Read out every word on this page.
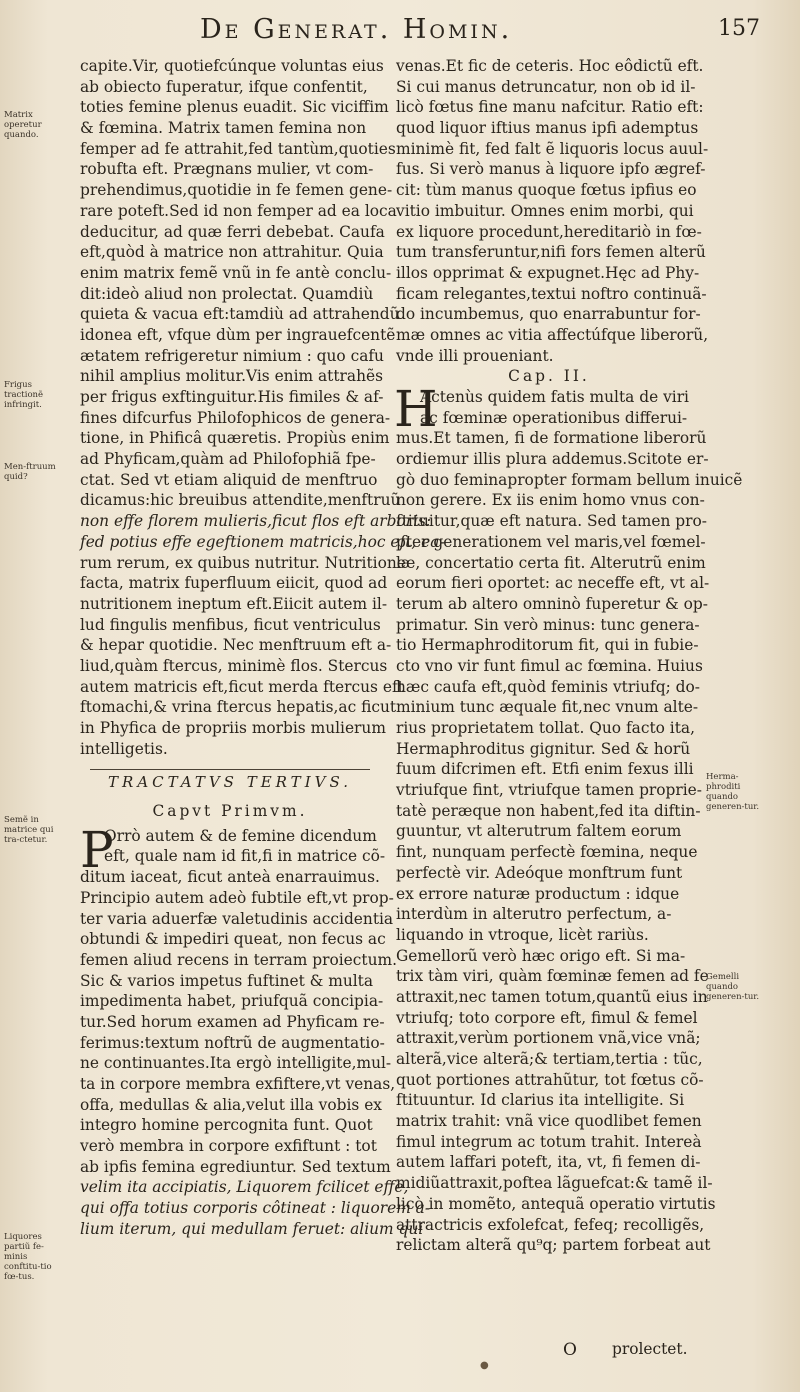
De Generat. Homin.	157
capite.Vir, quotiefcúnque voluntas eius
ab obiecto fuperatur, ifque confentit,
toties femine plenus euadit. Sic viciffim
& fœmina. Matrix tamen femina non
femper ad fe attrahit,fed tantùm,quoties
robufta eft. Prægnans mulier, vt com-
prehendimus,quotidie in fe femen gene-
rare poteft.Sed id non femper ad ea loca
deducitur, ad quæ ferri debebat. Caufa
eft,quòd à matrice non attrahitur. Quia
enim matrix femẽ vnũ in fe antè conclu-
dit:ideò aliud non prolectat. Quamdiù
quieta & vacua eft:tamdiù ad attrahendũ
idonea eft, vfque dùm per ingrauefcentẽ
ætatem refrigeretur nimium : quo cafu
nihil amplius molitur.Vis enim attrahẽs
per frigus exftinguitur.His fimiles & af-
fines difcurfus Philofophicos de genera-
tione, in Phificâ quæretis. Propiùs enim
ad Phyficam,quàm ad Philofophiã fpe-
ctat. Sed vt etiam aliquid de menftruo
dicamus:hic breuibus attendite,menftruũ
non effe florem mulieris,ficut flos eft arboris:
fed potius effe egeftionem matricis,hoc eft, ea-
rum rerum, ex quibus nutritur. Nutritione
facta, matrix fuperfluum eiicit, quod ad
nutritionem ineptum eft.Eiicit autem il-
lud fingulis menfibus, ficut ventriculus
& hepar quotidie. Nec menftruum eft a-
liud,quàm ftercus, minimè flos. Stercus
autem matricis eft,ficut merda ftercus eft
ftomachi,& vrina ftercus hepatis,ac ficut
in Phyfica de propriis morbis mulierum
intelligetis.
TRACTATVS TERTIVS.
Capvt Primvm.
P
Orrò autem & de femine dicendum
eft, quale nam id fit,fi in matrice cõ-
ditum iaceat, ficut anteà enarrauimus.
Principio autem adeò fubtile eft,vt prop-
ter varia aduerfæ valetudinis accidentia
obtundi & impediri queat, non fecus ac
femen aliud recens in terram proiectum.
Sic & varios impetus fuftinet & multa
impedimenta habet, priufquã concipia-
tur.Sed horum examen ad Phyficam re-
ferimus:textum noftrũ de augmentatio-
ne continuantes.Ita ergò intelligite,mul-
ta in corpore membra exfiftere,vt venas,
offa, medullas & alia,velut illa vobis ex
integro homine percognita funt. Quot
verò membra in corpore exfiftunt : tot
ab ipfis femina egrediuntur. Sed textum
velim ita accipiatis, Liquorem fcilicet effe,
qui offa totius corporis côtineat : liquorem a-
lium iterum, qui medullam feruet: alium qui
venas.Et fic de ceteris. Hoc eôdictũ eft.
Si cui manus detruncatur, non ob id il-
licò fœtus fine manu nafcitur. Ratio eft:
quod liquor iftius manus ipfi ademptus
minimè fit, fed falt ẽ liquoris locus auul-
fus. Si verò manus à liquore ipfo ægref-
cit: tùm manus quoque fœtus ipfius eo
vitio imbuitur. Omnes enim morbi, qui
ex liquore procedunt,hereditariò in fœ-
tum transferuntur,nifi fors femen alterũ
illos opprimat & expugnet.Hęc ad Phy-
ficam relegantes,textui noftro continuã-
do incumbemus, quo enarrabuntur for-
mæ omnes ac vitia affectúfque liberorũ,
vnde illi proueniant.
Cap. II.
H
Actenùs quidem fatis multa de viri
ac fœminæ operationibus differui-
mus.Et tamen, fi de formatione liberorũ
ordiemur illis plura addemus.Scitote er-
gò duo feminapropter formam bellum inuicẽ
non gerere. Ex iis enim homo vnus con-
ftituitur,quæ eft natura. Sed tamen pro-
pter generationem vel maris,vel fœmel-
læ, concertatio certa fit. Alterutrũ enim
eorum fieri oportet: ac neceffe eft, vt al-
terum ab altero omninò fuperetur & op-
primatur. Sin verò minus: tunc genera-
tio Hermaphroditorum fit, qui in fubie-
cto vno vir funt fimul ac fœmina. Huius
hæc caufa eft,quòd feminis vtriufq; do-
minium tunc æquale fit,nec vnum alte-
rius proprietatem tollat. Quo facto ita,
Hermaphroditus gignitur. Sed & horũ
fuum difcrimen eft. Etfi enim fexus illi
vtriufque fint, vtriufque tamen proprie-
tatè peræque non habent,fed ita diftin-
guuntur, vt alterutrum faltem eorum
fint, nunquam perfectè fœmina, neque
perfectè vir. Adeóque monftrum funt
ex errore naturæ productum : idque
interdùm in alterutro perfectum, a-
liquando in vtroque, licèt rariùs.
Gemellorũ verò hæc origo eft. Si ma-
trix tàm viri, quàm fœminæ femen ad fe
attraxit,nec tamen totum,quantũ eius in
vtriufq; toto corpore eft, fimul & femel
attraxit,verùm portionem vnã,vice vnã;
alterã,vice alterã;& tertiam,tertia : tũc,
quot portiones attrahũtur, tot fœtus cõ-
ftituuntur. Id clarius ita intelligite. Si
matrix trahit: vnã vice quodlibet femen
fimul integrum ac totum trahit. Intereà
autem laffari poteft, ita, vt, fi femen di-
midiũattraxit,poftea lãguefcat:& tamẽ il-
licò in momẽto, antequã operatio virtutis
attractricis exfolefcat, fefeq; recolligẽs,
relictam alterã qu⁹q; partem forbeat aut
Matrix operetur quando.
Frigus tractionẽ infringit.
Men-ftruum quid?
Semẽ in matrice qui tra-ctetur.
Liquores partiũ fe-minis conftitu-tio fœ-tus.
Herma-phroditi quando generen-tur.
Gemelli quando generen-tur.
O prolectet.
●
